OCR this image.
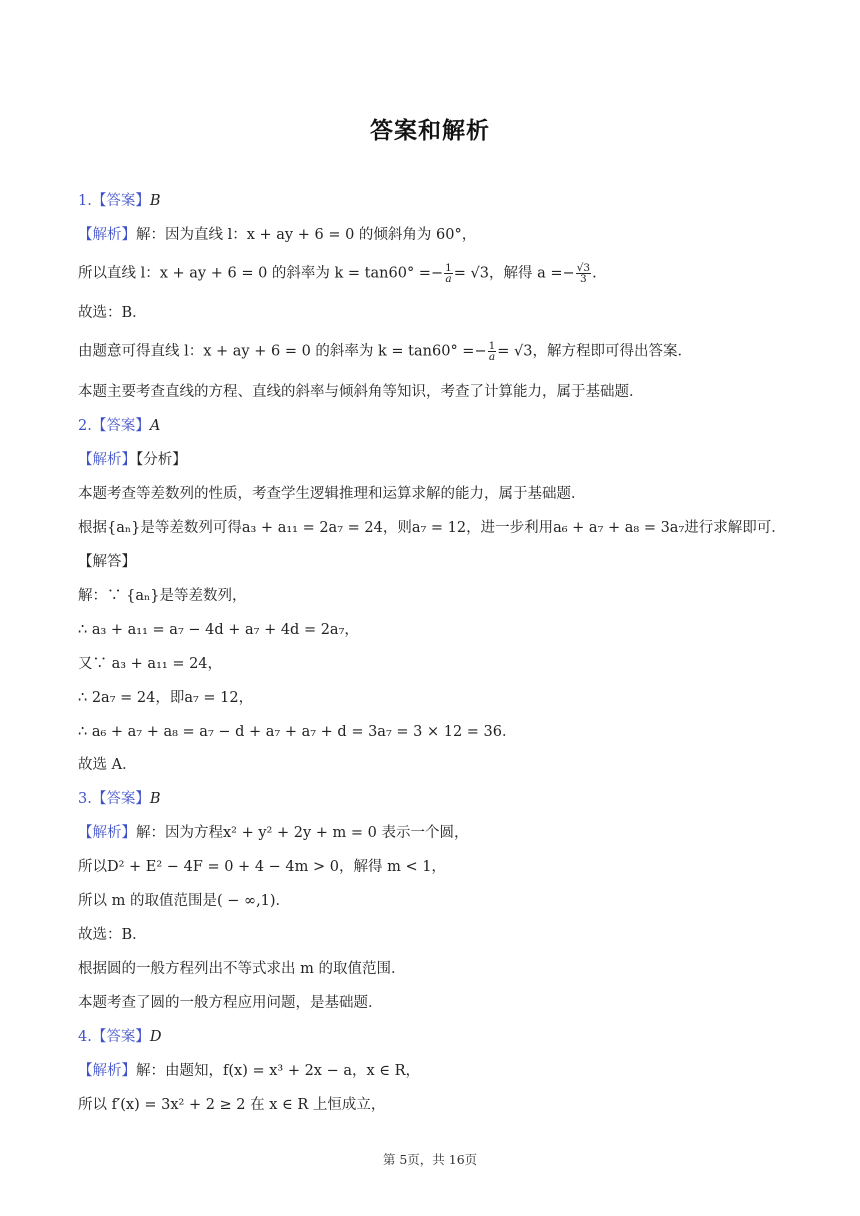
答案和解析
1.【答案】B
【解析】解：因为直线 l：x + ay + 6 = 0 的倾斜角为 60°，
所以直线 l：x + ay + 6 = 0 的斜率为 $k = \tan 60^\circ =- \frac{1}{a} = √3$，解得 $a =- \frac{√3}{3}$ .
故选：B．
由题意可得直线 l：x + ay + 6 = 0 的斜率为 $k = \tan 60^\circ =- \frac{1}{a} = √3$，解方程即可得出答案．
本题主要考查直线的方程、直线的斜率与倾斜角等知识，考查了计算能力，属于基础题．
2.【答案】A
【解析】【分析】
本题考查等差数列的性质，考查学生逻辑推理和运算求解的能力，属于基础题．
根据{aₙ}是等差数列可得a₃ + a₁₁ = 2a₇ = 24，则a₇ = 12，进一步利用a₆ + a₇ + a₈ = 3a₇进行求解即可．
【解答】
解：∵ {aₙ}是等差数列，
∴ a₃ + a₁₁ = a₇ − 4d + a₇ + 4d = 2a₇，
又∵ a₃ + a₁₁ = 24，
∴ 2a₇ = 24，即a₇ = 12，
∴ a₆ + a₇ + a₈ = a₇ − d + a₇ + a₇ + d = 3a₇ = 3 × 12 = 36．
故选 A．
3.【答案】B
【解析】解：因为方程x² + y² + 2y + m = 0 表示一个圆，
所以D² + E² − 4F = 0 + 4 − 4m > 0，解得 m < 1，
所以 m 的取值范围是( − ∞,1)．
故选：B．
根据圆的一般方程列出不等式求出 m 的取值范围．
本题考查了圆的一般方程应用问题，是基础题．
4.【答案】D
【解析】解：由题知，f(x) = x³ + 2x − a，x ∈ R，
所以 f′(x) = 3x² + 2 ≥ 2 在 x ∈ R 上恒成立，
第 5页，共 16页
